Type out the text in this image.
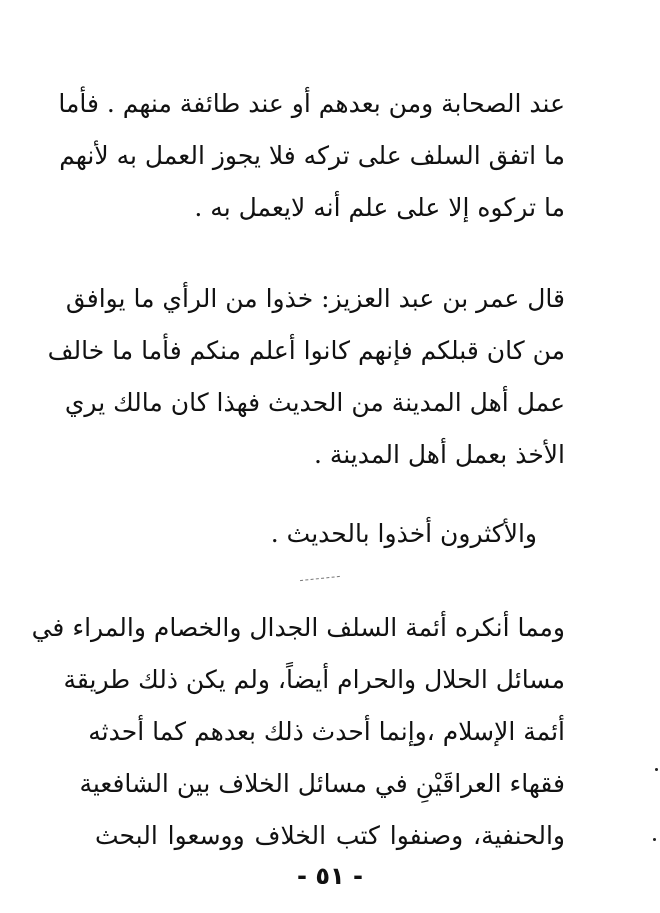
عند الصحابة ومن بعدهم أو عند طائفة منهم . فأما
ما اتفق السلف على تركه فلا يجوز العمل به لأنهم
ما تركوه إلا على علم أنه لايعمل به .
قال عمر بن عبد العزيز: خذوا من الرأي ما يوافق
من كان قبلكم فإنهم كانوا أعلم منكم فأما ما خالف
عمل أهل المدينة من الحديث فهذا كان مالك يري
الأخذ بعمل أهل المدينة .
والأكثرون أخذوا بالحديث .
ومما أنكره أئمة السلف الجدال والخصام والمراء في
مسائل الحلال والحرام أيضاً، ولم يكن ذلك طريقة
أئمة الإسلام ،وإنما أحدث ذلك بعدهم كما أحدثه
فقهاء العراقَيْنِ في مسائل الخلاف بين الشافعية
والحنفية، وصنفوا كتب الخلاف ووسعوا البحث
- ٥١ -
